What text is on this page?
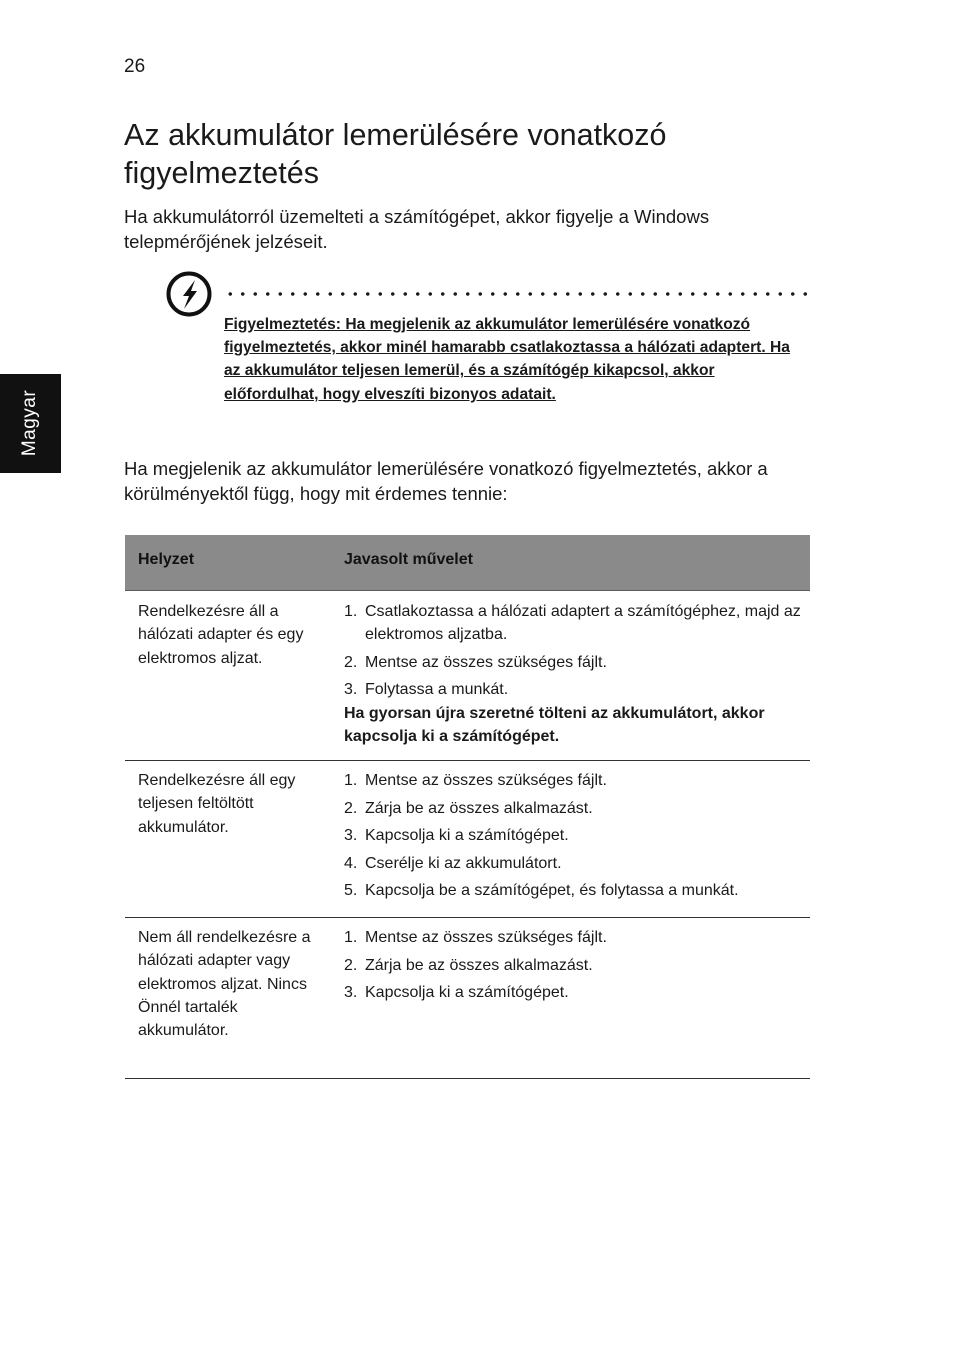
26
Magyar
Az akkumulátor lemerülésére vonatkozó figyelmeztetés

Ha akkumulátorról üzemelteti a számítógépet, akkor figyelje a Windows telepmérőjének jelzéseit.

Figyelmeztetés: Ha megjelenik az akkumulátor lemerülésére vonatkozó figyelmeztetés, akkor minél hamarabb csatlakoztassa a hálózati adaptert. Ha az akkumulátor teljesen lemerül, és a számítógép kikapcsol, akkor előfordulhat, hogy elveszíti bizonyos adatait.

Ha megjelenik az akkumulátor lemerülésére vonatkozó figyelmeztetés, akkor a körülményektől függ, hogy mit érdemes tennie:

Helyzet	Javasolt művelet
Rendelkezésre áll a hálózati adapter és egy elektromos aljzat.
1. Csatlakoztassa a hálózati adaptert a számítógéphez, majd az elektromos aljzatba.
2. Mentse az összes szükséges fájlt.
3. Folytassa a munkát.

Ha gyorsan újra szeretné tölteni az akkumulátort, akkor kapcsolja ki a számítógépet.

Rendelkezésre áll egy teljesen feltöltött akkumulátor.
1. Mentse az összes szükséges fájlt.
2. Zárja be az összes alkalmazást.
3. Kapcsolja ki a számítógépet.
4. Cserélje ki az akkumulátort.
5. Kapcsolja be a számítógépet, és folytassa a munkát.
Nem áll rendelkezésre a hálózati adapter vagy elektromos aljzat. Nincs Önnél tartalék akkumulátor.
1. Mentse az összes szükséges fájlt.
2. Zárja be az összes alkalmazást.
3. Kapcsolja ki a számítógépet.
